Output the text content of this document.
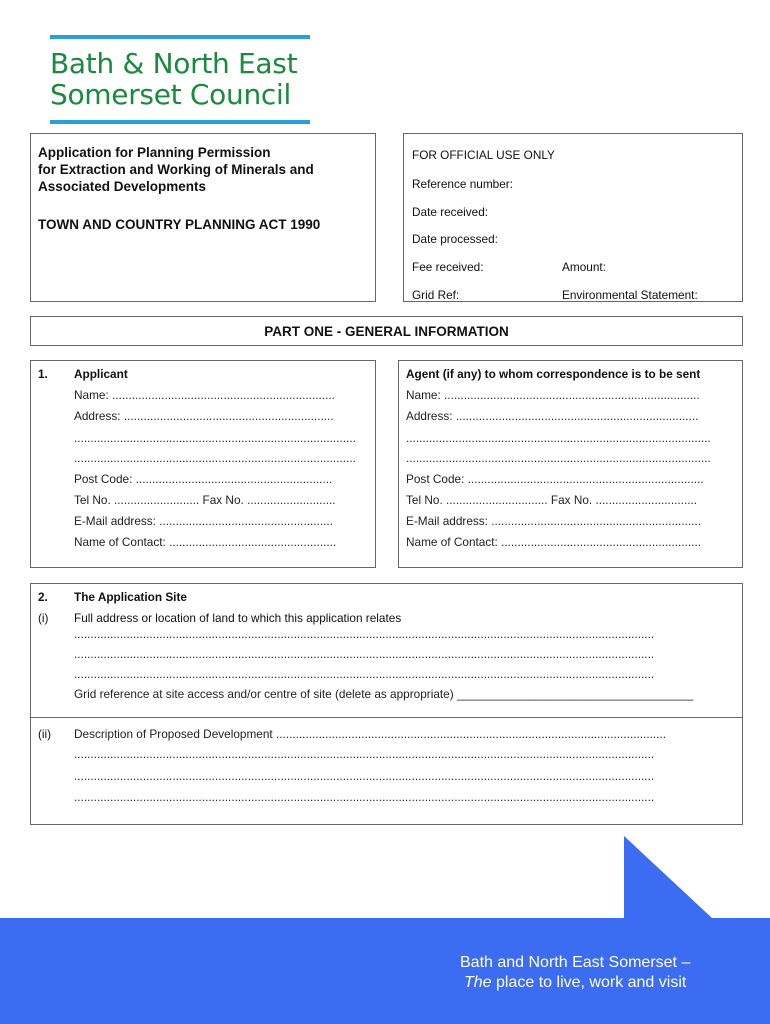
Bath & North East
Somerset Council
Application for Planning Permission
for Extraction and Working of Minerals and
Associated Developments
TOWN AND COUNTRY PLANNING ACT 1990
FOR OFFICIAL USE ONLY
Reference number:
Date received:
Date processed:
Fee received:	Amount:
Grid Ref:	Environmental Statement:
PART ONE - GENERAL INFORMATION
1. Applicant
Name: ....................................................................
Address: ................................................................
......................................................................................
......................................................................................
Post Code: ............................................................
Tel No. .......................... Fax No. ...........................
E-Mail address: .....................................................
Name of Contact: ...................................................
Agent (if any) to whom correspondence is to be sent
Name: ..............................................................................
Address: ..........................................................................
.............................................................................................
.............................................................................................
Post Code: ........................................................................
Tel No. ............................... Fax No. ...............................
E-Mail address: ................................................................
Name of Contact: .............................................................
2. The Application Site
(i) Full address or location of land to which this application relates
.................................................................................................................................................................................
.................................................................................................................................................................................
.................................................................................................................................................................................
Grid reference at site access and/or centre of site (delete as appropriate) ____________________________________
(ii) Description of Proposed Development .......................................................................................................................
.................................................................................................................................................................................
.................................................................................................................................................................................
.................................................................................................................................................................................
Bath and North East Somerset –
The place to live, work and visit
